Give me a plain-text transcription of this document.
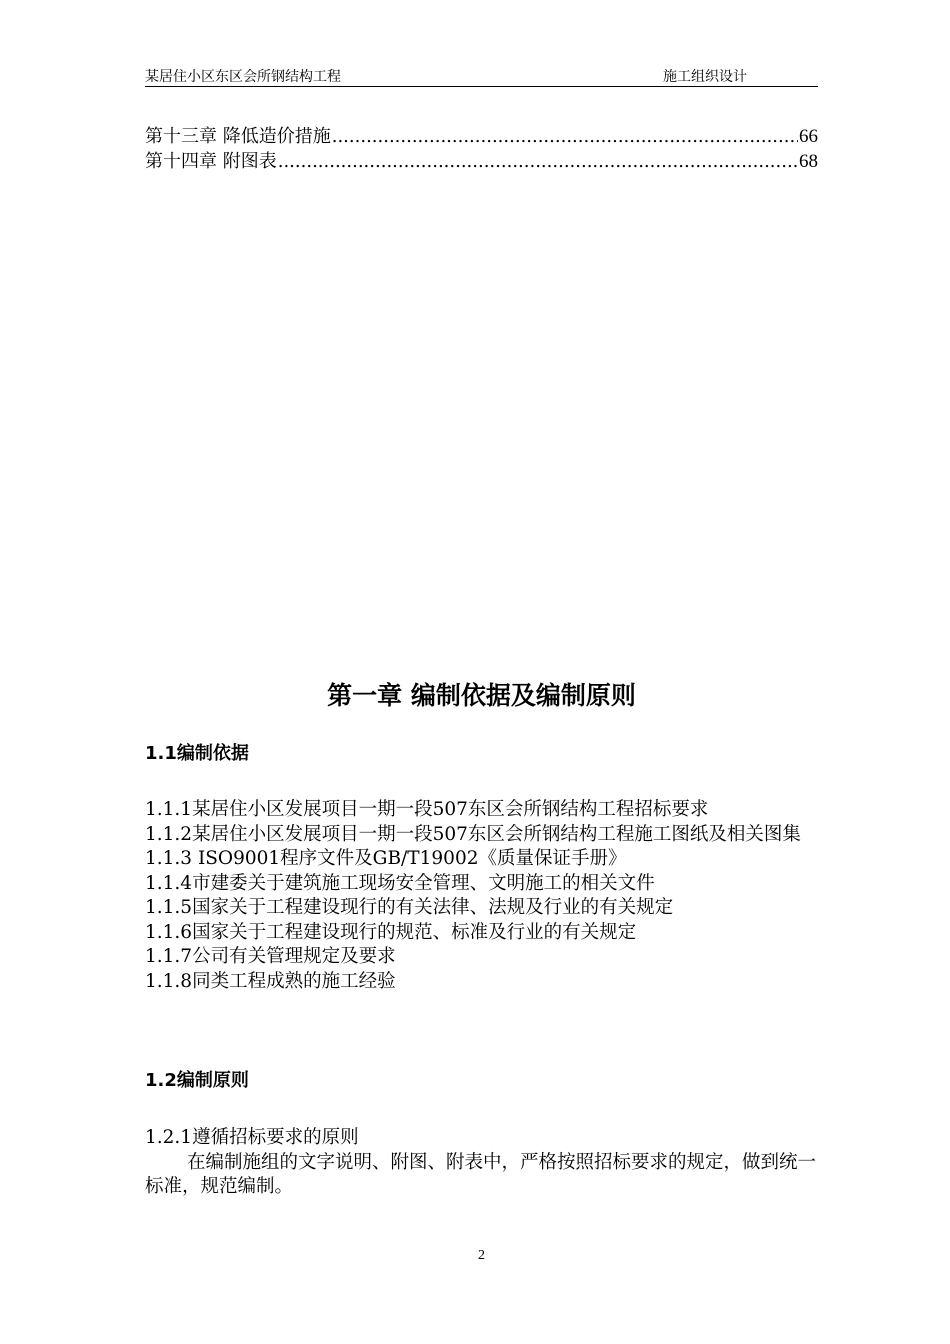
某居住小区东区会所钢结构工程	施工组织设计
第十三章 降低造价措施 .....	66
第十四章 附图表 .....	68
第一章 编制依据及编制原则
1.1编制依据

1.1.1某居住小区发展项目一期一段507东区会所钢结构工程招标要求

1.1.2某居住小区发展项目一期一段507东区会所钢结构工程施工图纸及相关图集

1.1.3 ISO9001程序文件及GB/T19002《质量保证手册》

1.1.4市建委关于建筑施工现场安全管理、文明施工的相关文件

1.1.5国家关于工程建设现行的有关法律、法规及行业的有关规定

1.1.6国家关于工程建设现行的规范、标准及行业的有关规定

1.1.7公司有关管理规定及要求

1.1.8同类工程成熟的施工经验

1.2编制原则

1.2.1遵循招标要求的原则

在编制施组的文字说明、附图、附表中，严格按照招标要求的规定，做到统一标准，规范编制。

2
